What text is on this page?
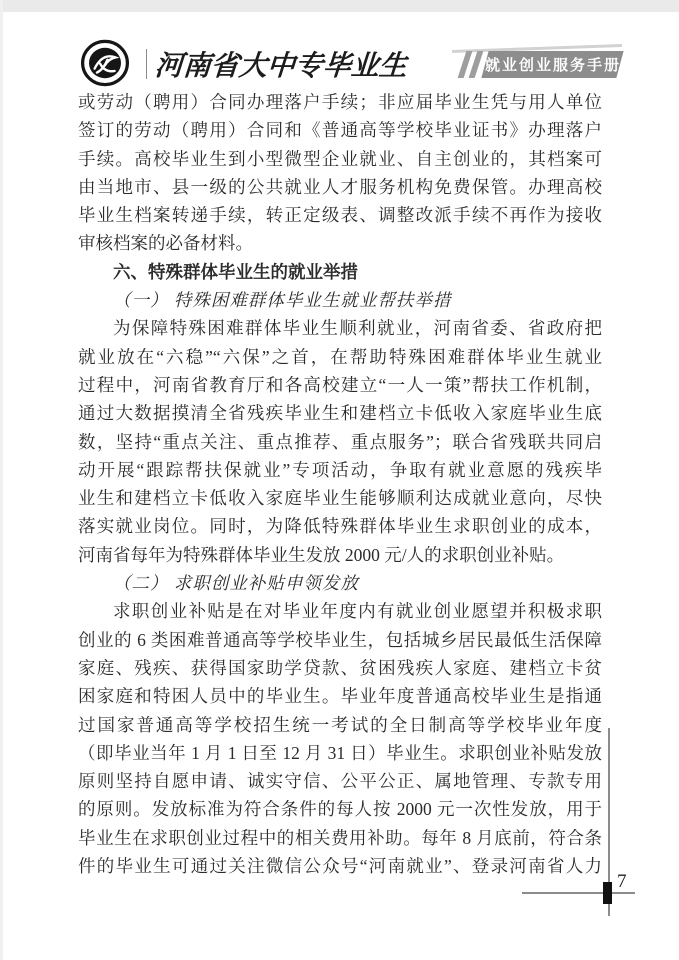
河南省大中专毕业生	就业创业服务手册
或劳动（聘用）合同办理落户手续；非应届毕业生凭与用人单位
签订的劳动（聘用）合同和《普通高等学校毕业证书》办理落户
手续。高校毕业生到小型微型企业就业、自主创业的，其档案可
由当地市、县一级的公共就业人才服务机构免费保管。办理高校
毕业生档案转递手续，转正定级表、调整改派手续不再作为接收
审核档案的必备材料。
六、特殊群体毕业生的就业举措
（一） 特殊困难群体毕业生就业帮扶举措
为保障特殊困难群体毕业生顺利就业，河南省委、省政府把
就业放在“六稳”“六保”之首，在帮助特殊困难群体毕业生就业
过程中，河南省教育厅和各高校建立“一人一策”帮扶工作机制，
通过大数据摸清全省残疾毕业生和建档立卡低收入家庭毕业生底
数，坚持“重点关注、重点推荐、重点服务”；联合省残联共同启
动开展“跟踪帮扶保就业”专项活动，争取有就业意愿的残疾毕
业生和建档立卡低收入家庭毕业生能够顺利达成就业意向，尽快
落实就业岗位。同时，为降低特殊群体毕业生求职创业的成本，
河南省每年为特殊群体毕业生发放 2000 元/人的求职创业补贴。
（二） 求职创业补贴申领发放
求职创业补贴是在对毕业年度内有就业创业愿望并积极求职
创业的 6 类困难普通高等学校毕业生，包括城乡居民最低生活保障
家庭、残疾、获得国家助学贷款、贫困残疾人家庭、建档立卡贫
困家庭和特困人员中的毕业生。毕业年度普通高校毕业生是指通
过国家普通高等学校招生统一考试的全日制高等学校毕业年度
（即毕业当年 1 月 1 日至 12 月 31 日）毕业生。求职创业补贴发放
原则坚持自愿申请、诚实守信、公平公正、属地管理、专款专用
的原则。发放标准为符合条件的每人按 2000 元一次性发放，用于
毕业生在求职创业过程中的相关费用补助。每年 8 月底前，符合条
件的毕业生可通过关注微信公众号“河南就业”、登录河南省人力
7
